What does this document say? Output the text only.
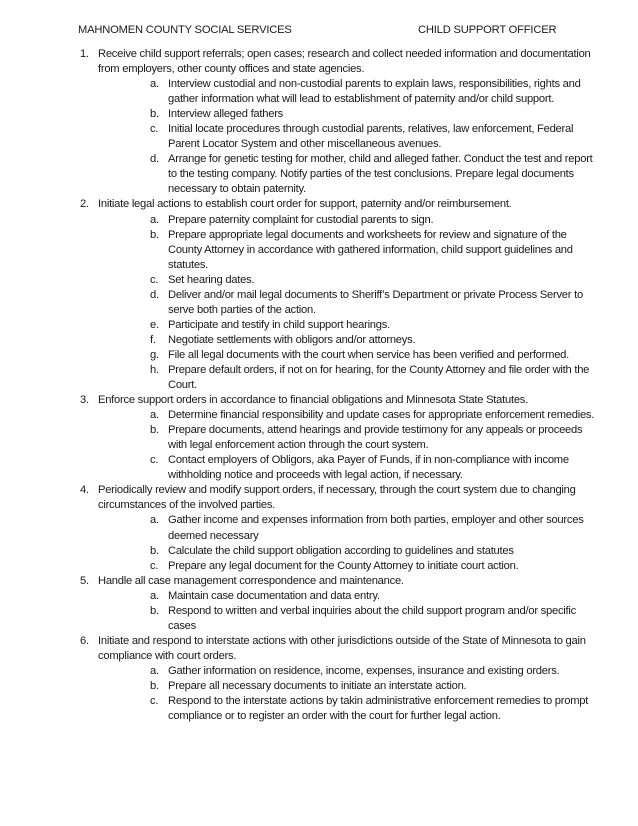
MAHNOMEN COUNTY SOCIAL SERVICES	CHILD SUPPORT OFFICER
1. Receive child support referrals; open cases; research and collect needed information and documentation from employers, other county offices and state agencies.
a. Interview custodial and non-custodial parents to explain laws, responsibilities, rights and gather information what will lead to establishment of paternity and/or child support.
b. Interview alleged fathers
c. Initial locate procedures through custodial parents, relatives, law enforcement, Federal Parent Locator System and other miscellaneous avenues.
d. Arrange for genetic testing for mother, child and alleged father. Conduct the test and report to the testing company. Notify parties of the test conclusions. Prepare legal documents necessary to obtain paternity.
2. Initiate legal actions to establish court order for support, paternity and/or reimbursement.
a. Prepare paternity complaint for custodial parents to sign.
b. Prepare appropriate legal documents and worksheets for review and signature of the County Attorney in accordance with gathered information, child support guidelines and statutes.
c. Set hearing dates.
d. Deliver and/or mail legal documents to Sheriff’s Department or private Process Server to serve both parties of the action.
e. Participate and testify in child support hearings.
f. Negotiate settlements with obligors and/or attorneys.
g. File all legal documents with the court when service has been verified and performed.
h. Prepare default orders, if not on for hearing, for the County Attorney and file order with the Court.
3. Enforce support orders in accordance to financial obligations and Minnesota State Statutes.
a. Determine financial responsibility and update cases for appropriate enforcement remedies.
b. Prepare documents, attend hearings and provide testimony for any appeals or proceeds with legal enforcement action through the court system.
c. Contact employers of Obligors, aka Payer of Funds, if in non-compliance with income withholding notice and proceeds with legal action, if necessary.
4. Periodically review and modify support orders, if necessary, through the court system due to changing circumstances of the involved parties.
a. Gather income and expenses information from both parties, employer and other sources deemed necessary
b. Calculate the child support obligation according to guidelines and statutes
c. Prepare any legal document for the County Attorney to initiate court action.
5. Handle all case management correspondence and maintenance.
a. Maintain case documentation and data entry.
b. Respond to written and verbal inquiries about the child support program and/or specific cases
6. Initiate and respond to interstate actions with other jurisdictions outside of the State of Minnesota to gain compliance with court orders.
a. Gather information on residence, income, expenses, insurance and existing orders.
b. Prepare all necessary documents to initiate an interstate action.
c. Respond to the interstate actions by takin administrative enforcement remedies to prompt compliance or to register an order with the court for further legal action.
